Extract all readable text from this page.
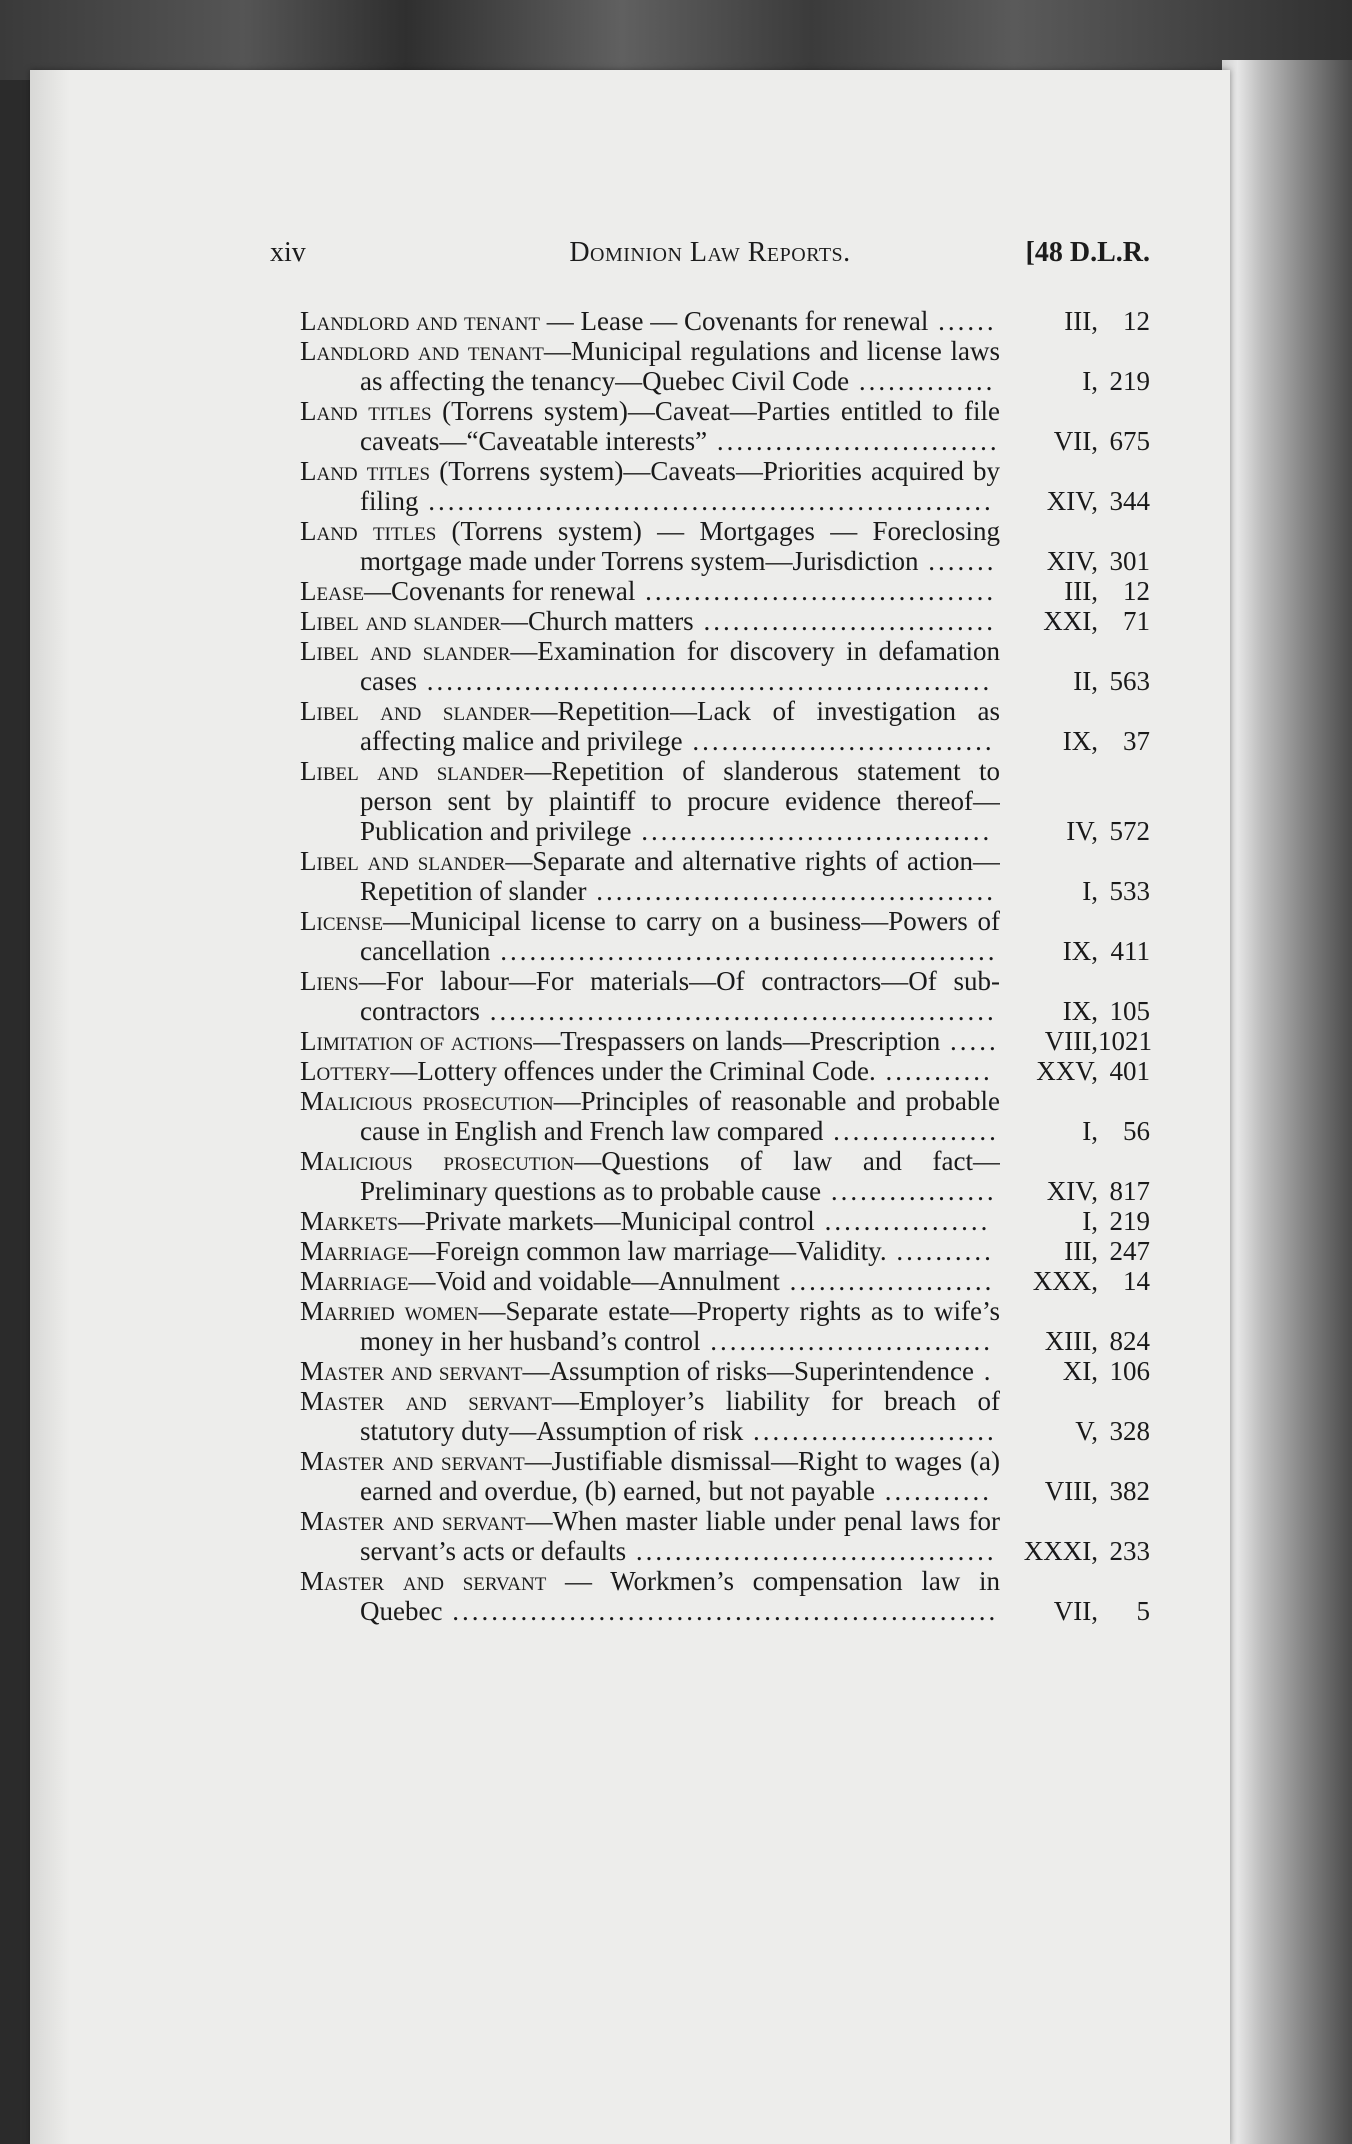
xiv	Dominion Law Reports.	[48 D.L.R.
Landlord and tenant — Lease — Covenants for renewal ......	III, 12
Landlord and tenant—Municipal regulations and license laws as affecting the tenancy—Quebec Civil Code ..............	I, 219
Land titles (Torrens system)—Caveat—Parties entitled to file caveats—“Caveatable interests” ............................. VII, 675
Land titles (Torrens system)—Caveats—Priorities acquired by filing .......................................................... XIV, 344
Land titles (Torrens system) — Mortgages — Foreclosing mortgage made under Torrens system—Jurisdiction ....... XIV, 301
Lease—Covenants for renewal ....................................	III, 12
Libel and slander—Church matters .............................. XXI, 71
Libel and slander—Examination for discovery in defamation cases ..........................................................	II, 563
Libel and slander—Repetition—Lack of investigation as affecting malice and privilege ...............................	IX, 37
Libel and slander—Repetition of slanderous statement to person sent by plaintiff to procure evidence thereof—Publication and privilege ....................................	IV, 572
Libel and slander—Separate and alternative rights of action—Repetition of slander .........................................	I, 533
License—Municipal license to carry on a business—Powers of cancellation ................................................... IX, 411
Liens—For labour—For materials—Of contractors—Of sub-contractors .................................................... IX, 105
Limitation of actions—Trespassers on lands—Prescription ..... VIII, 1021
Lottery—Lottery offences under the Criminal Code. ........... XXV, 401
Malicious prosecution—Principles of reasonable and probable cause in English and French law compared .................	I, 56
Malicious prosecution—Questions of law and fact—Preliminary questions as to probable cause ................. XIV, 817
Markets—Private markets—Municipal control .................	I, 219
Marriage—Foreign common law marriage—Validity. ..........	III, 247
Marriage—Void and voidable—Annulment ..................... XXX, 14
Married women—Separate estate—Property rights as to wife’s money in her husband’s control ............................. XIII, 824
Master and servant—Assumption of risks—Superintendence .	XI, 106
Master and servant—Employer’s liability for breach of statutory duty—Assumption of risk .........................	V, 328
Master and servant—Justifiable dismissal—Right to wages (a) earned and overdue, (b) earned, but not payable ........... VIII, 382
Master and servant—When master liable under penal laws for servant’s acts or defaults ..................................... XXXI, 233
Master and servant — Workmen’s compensation law in Quebec ........................................................ VII,	5
